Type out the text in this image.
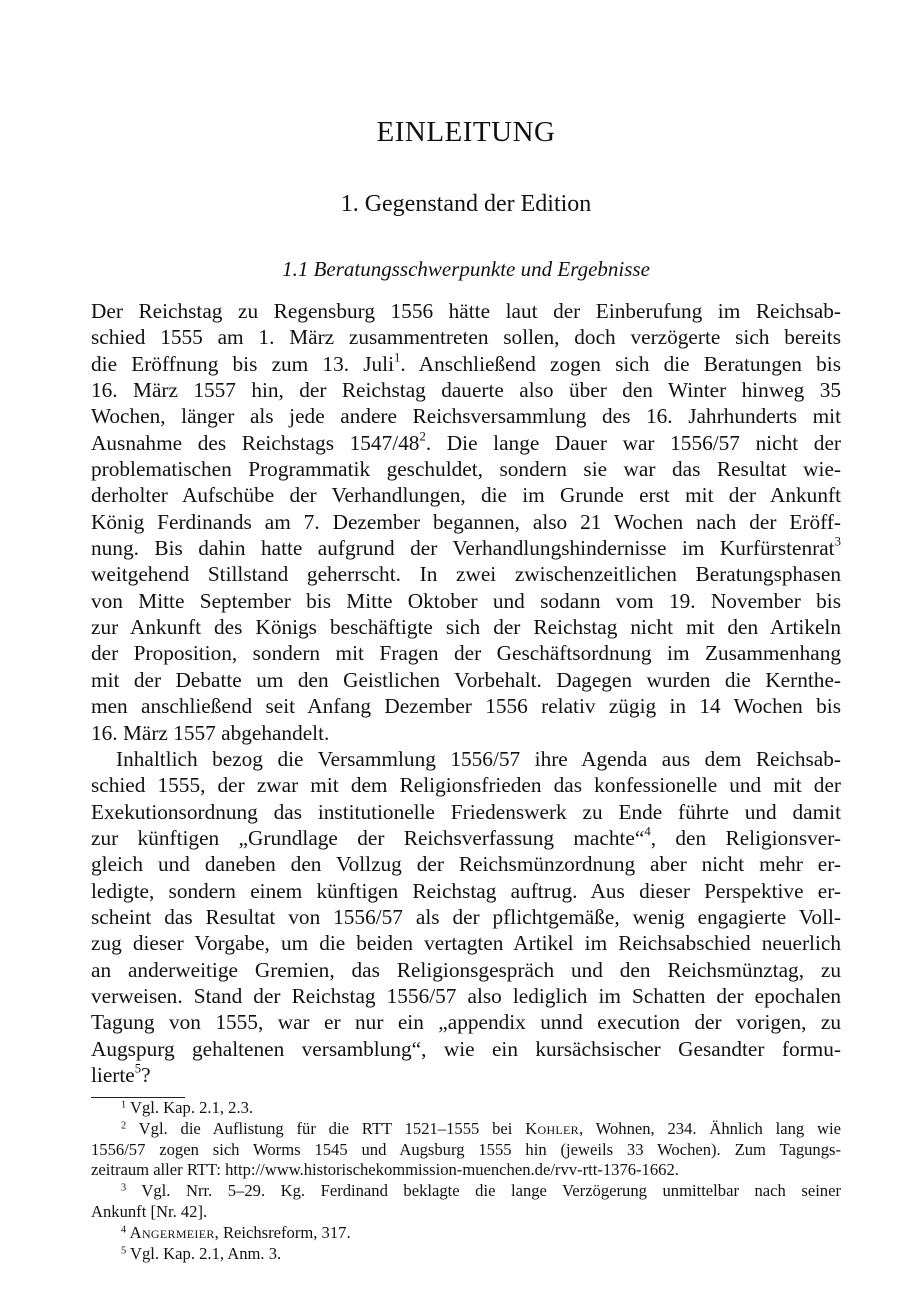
EINLEITUNG
1. Gegenstand der Edition
1.1 Beratungsschwerpunkte und Ergebnisse
Der Reichstag zu Regensburg 1556 hätte laut der Einberufung im Reichsab-
schied 1555 am 1. März zusammentreten sollen, doch verzögerte sich bereits
die Eröffnung bis zum 13. Juli$^1$. Anschließend zogen sich die Beratungen bis
16. März 1557 hin, der Reichstag dauerte also über den Winter hinweg 35
Wochen, länger als jede andere Reichsversammlung des 16. Jahrhunderts mit
Ausnahme des Reichstags $1547/48^2$. Die lange Dauer war 1556/57 nicht der
problematischen Programmatik geschuldet, sondern sie war das Resultat wie-
derholter Aufschübe der Verhandlungen, die im Grunde erst mit der Ankunft
König Ferdinands am 7. Dezember begannen, also 21 Wochen nach der Eröff-
nung. Bis dahin hatte aufgrund der Verhandlungshindernisse im Kurfürstenrat$^3$
weitgehend Stillstand geherrscht. In zwei zwischenzeitlichen Beratungsphasen
von Mitte September bis Mitte Oktober und sodann vom 19. November bis
zur Ankunft des Königs beschäftigte sich der Reichstag nicht mit den Artikeln
der Proposition, sondern mit Fragen der Geschäftsordnung im Zusammenhang
mit der Debatte um den Geistlichen Vorbehalt. Dagegen wurden die Kernthe-
men anschließend seit Anfang Dezember 1556 relativ zügig in 14 Wochen bis
16. März 1557 abgehandelt.
Inhaltlich bezog die Versammlung 1556/57 ihre Agenda aus dem Reichsab-
schied 1555, der zwar mit dem Religionsfrieden das konfessionelle und mit der
Exekutionsordnung das institutionelle Friedenswerk zu Ende führte und damit
zur künftigen „Grundlage der Reichsverfassung machte“$^4$, den Religionsver-
gleich und daneben den Vollzug der Reichsmünzordnung aber nicht mehr er-
ledigte, sondern einem künftigen Reichstag auftrug. Aus dieser Perspektive er-
scheint das Resultat von 1556/57 als der pflichtgemäße, wenig engagierte Voll-
zug dieser Vorgabe, um die beiden vertagten Artikel im Reichsabschied neuerlich
an anderweitige Gremien, das Religionsgespräch und den Reichsmünztag, zu
verweisen. Stand der Reichstag 1556/57 also lediglich im Schatten der epochalen
Tagung von 1555, war er nur ein „appendix unnd execution der vorigen, zu
Augspurg gehaltenen versamblung“, wie ein kursächsischer Gesandter formu-
lierte$^5$?
$^1$ Vgl. Kap. 2.1, 2.3.
$^2$ Vgl. die Auflistung für die RTT 1521–1555 bei Kohler, Wohnen, 234. Ähnlich lang wie
1556/57 zogen sich Worms 1545 und Augsburg 1555 hin (jeweils 33 Wochen). Zum Tagungs-
zeitraum aller RTT: http://www.historischekommission-muenchen.de/rvv-rtt-1376-1662.
$^3$ Vgl. Nrr. 5–29. Kg. Ferdinand beklagte die lange Verzögerung unmittelbar nach seiner
Ankunft [Nr. 42].
$^4$ Angermeier, Reichsreform, 317.
$^5$ Vgl. Kap. 2.1, Anm. 3.
